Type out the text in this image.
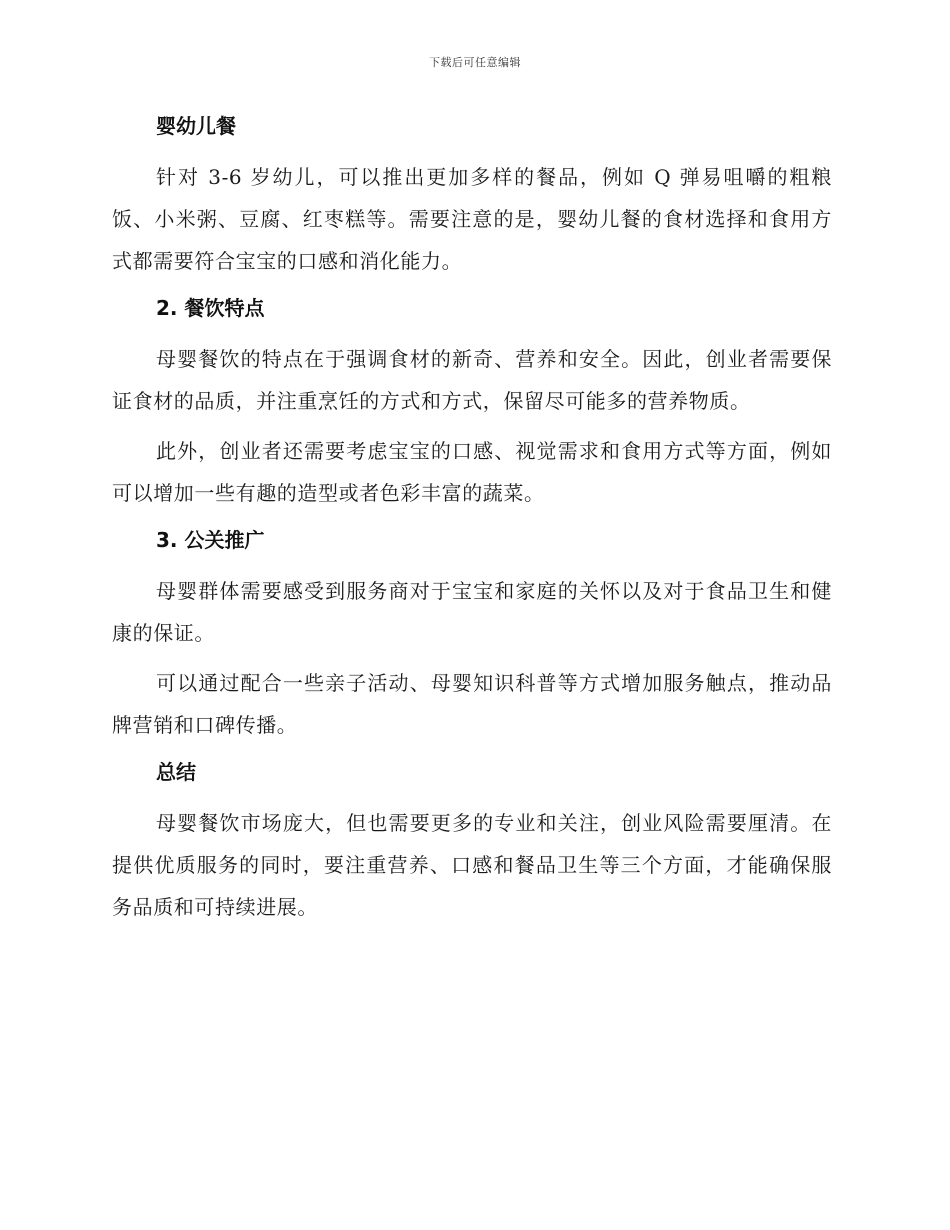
下载后可任意编辑
婴幼儿餐

针对 3-6 岁幼儿，可以推出更加多样的餐品，例如 Q 弹易咀嚼的粗粮饭、小米粥、豆腐、红枣糕等。需要注意的是，婴幼儿餐的食材选择和食用方式都需要符合宝宝的口感和消化能力。

2. 餐饮特点

母婴餐饮的特点在于强调食材的新奇、营养和安全。因此，创业者需要保证食材的品质，并注重烹饪的方式和方式，保留尽可能多的营养物质。

此外，创业者还需要考虑宝宝的口感、视觉需求和食用方式等方面，例如可以增加一些有趣的造型或者色彩丰富的蔬菜。

3. 公关推广

母婴群体需要感受到服务商对于宝宝和家庭的关怀以及对于食品卫生和健康的保证。

可以通过配合一些亲子活动、母婴知识科普等方式增加服务触点，推动品牌营销和口碑传播。

总结

母婴餐饮市场庞大，但也需要更多的专业和关注，创业风险需要厘清。在提供优质服务的同时，要注重营养、口感和餐品卫生等三个方面，才能确保服务品质和可持续进展。
